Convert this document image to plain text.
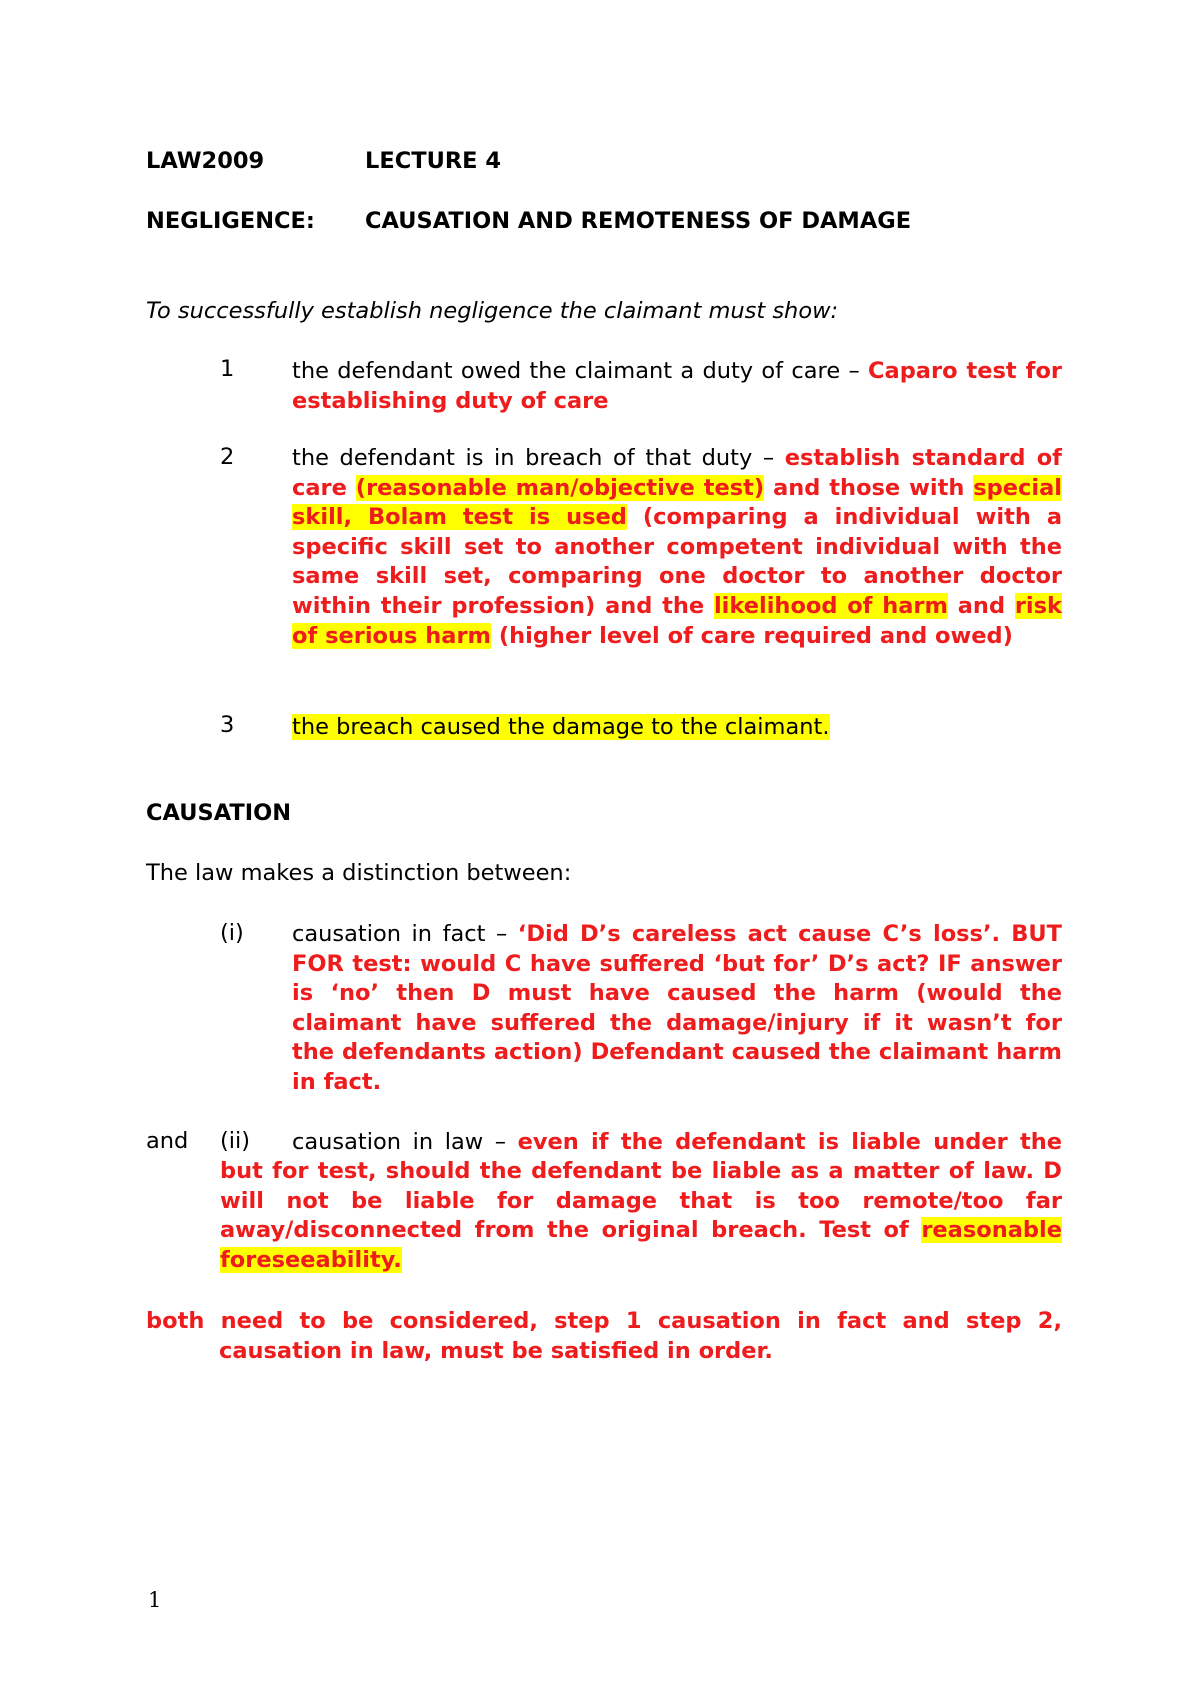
LAW2009	LECTURE 4
NEGLIGENCE: CAUSATION AND REMOTENESS OF DAMAGE
To successfully establish negligence the claimant must show:
1	the defendant owed the claimant a duty of care – Caparo test for establishing duty of care

2	the defendant is in breach of that duty – establish standard of care (reasonable man/objective test) and those with special skill, Bolam test is used (comparing a individual with a specific skill set to another competent individual with the same skill set, comparing one doctor to another doctor within their profession) and the likelihood of harm and risk of serious harm (higher level of care required and owed)

3	the breach caused the damage to the claimant.

CAUSATION
The law makes a distinction between:
(i) causation in fact – ‘Did D’s careless act cause C’s loss’. BUT FOR test: would C have suffered ‘but for’ D’s act? IF answer is ‘no’ then D must have caused the harm (would the claimant have suffered the damage/injury if it wasn’t for the defendants action) Defendant caused the claimant harm in fact.

and (ii)	causation in law – even if the defendant is liable under the but for test, should the defendant be liable as a matter of law. D will not be liable for damage that is too remote/too far away/disconnected from the original breach. Test of reasonable foreseeability.

both need to be considered, step 1 causation in fact and step 2, causation in law, must be satisfied in order.

1
